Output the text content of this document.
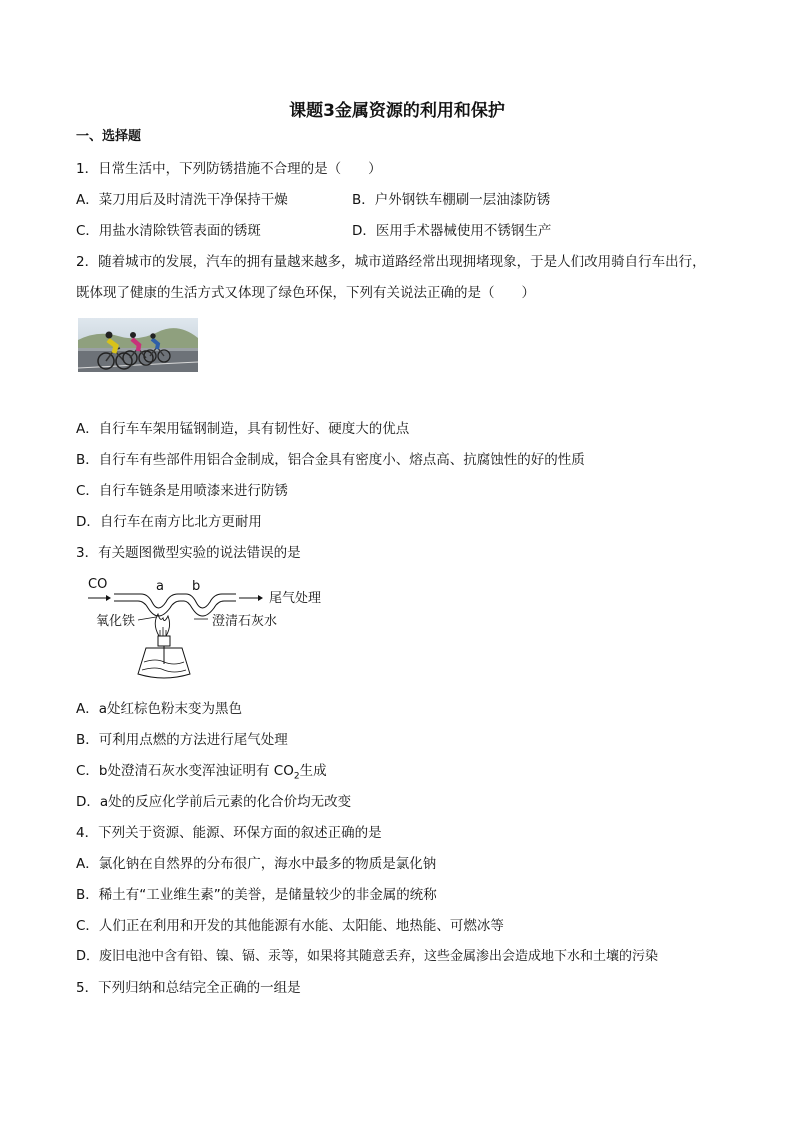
课题3金属资源的利用和保护
一、选择题
1．日常生活中，下列防锈措施不合理的是（　　）
A．菜刀用后及时清洗干净保持干燥	B．户外钢铁车棚刷一层油漆防锈
C．用盐水清除铁管表面的锈斑	D．医用手术器械使用不锈钢生产
2．随着城市的发展，汽车的拥有量越来越多，城市道路经常出现拥堵现象，于是人们改用骑自行车出行，
既体现了健康的生活方式又体现了绿色环保，下列有关说法正确的是（　　）
A．自行车车架用锰钢制造，具有韧性好、硬度大的优点
B．自行车有些部件用铝合金制成，铝合金具有密度小、熔点高、抗腐蚀性的好的性质
C．自行车链条是用喷漆来进行防锈
D．自行车在南方比北方更耐用
3．有关题图微型实验的说法错误的是
CO	a b
尾气处理
氧化铁	澄清石灰水
A．a处红棕色粉末变为黑色
B．可利用点燃的方法进行尾气处理
C．b处澄清石灰水变浑浊证明有 $CO_2$生成
D．a处的反应化学前后元素的化合价均无改变
4．下列关于资源、能源、环保方面的叙述正确的是
A．氯化钠在自然界的分布很广，海水中最多的物质是氯化钠
B．稀土有“工业维生素”的美誉，是储量较少的非金属的统称
C．人们正在利用和开发的其他能源有水能、太阳能、地热能、可燃冰等
D．废旧电池中含有铅、镍、镉、汞等，如果将其随意丢弃，这些金属渗出会造成地下水和土壤的污染
5．下列归纳和总结完全正确的一组是
